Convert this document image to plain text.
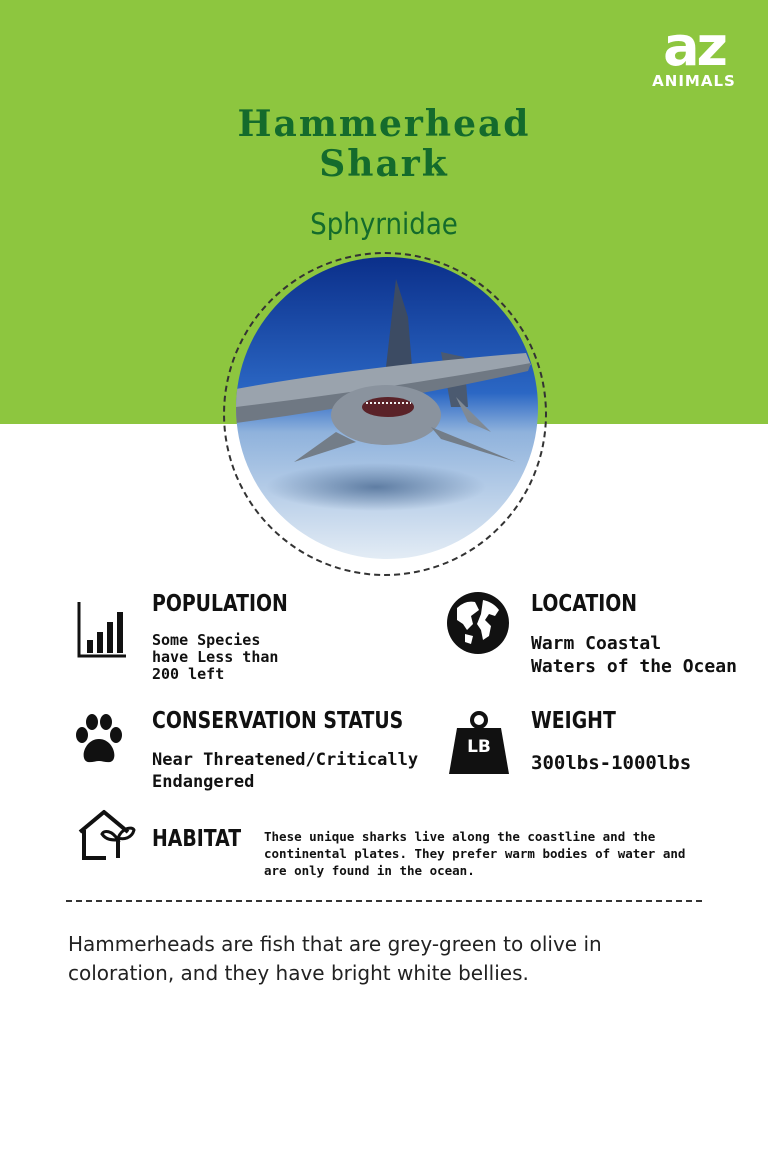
az
ANIMALS
Hammerhead
Shark
Sphyrnidae
POPULATION
Some Species
have Less than
200 left
LOCATION
Warm Coastal
Waters of the Ocean
CONSERVATION STATUS
Near Threatened/Critically
Endangered
LB
WEIGHT
300lbs-1000lbs
HABITAT These unique sharks live along the coastline and the
continental plates. They prefer warm bodies of water and
are only found in the ocean.
Hammerheads are fish that are grey-green to olive in coloration, and they have bright white bellies.
